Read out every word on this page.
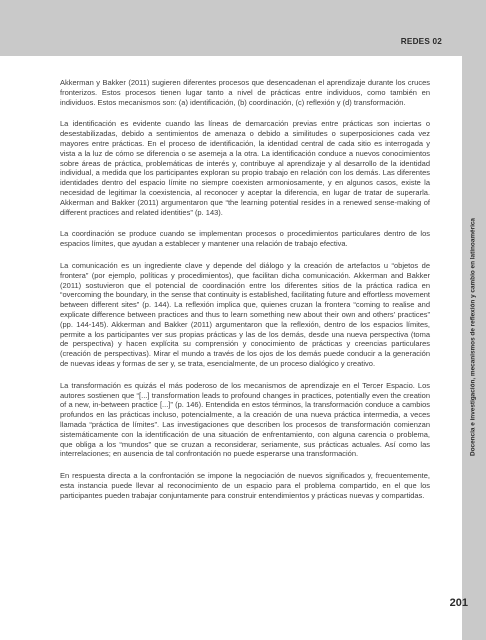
REDES 02
Docencia e investigación, mecanismos de reflexión y cambio en latinoamérica

Akkerman y Bakker (2011) sugieren diferentes procesos que desencadenan el aprendizaje durante los cruces fronterizos. Estos procesos tienen lugar tanto a nivel de prácticas entre individuos, como también en individuos. Estos mecanismos son: (a) identificación, (b) coordinación, (c) reflexión y (d) transformación.

La identificación es evidente cuando las líneas de demarcación previas entre prácticas son inciertas o desestabilizadas, debido a sentimientos de amenaza o debido a similitudes o superposiciones cada vez mayores entre prácticas. En el proceso de identificación, la identidad central de cada sitio es interrogada y vista a la luz de cómo se diferencia o se asemeja a la otra. La identificación conduce a nuevos conocimientos sobre áreas de práctica, problemáticas de interés y, contribuye al aprendizaje y al desarrollo de la identidad individual, a medida que los participantes exploran su propio trabajo en relación con los demás. Las diferentes identidades dentro del espacio límite no siempre coexisten armoniosamente, y en algunos casos, existe la necesidad de legitimar la coexistencia, al reconocer y aceptar la diferencia, en lugar de tratar de superarla. Akkerman and Bakker (2011) argumentaron que “the learning potential resides in a renewed sense-making of different practices and related identities” (p. 143).

La coordinación se produce cuando se implementan procesos o procedimientos particulares dentro de los espacios límites, que ayudan a establecer y mantener una relación de trabajo efectiva.

La comunicación es un ingrediente clave y depende del diálogo y la creación de artefactos u “objetos de frontera” (por ejemplo, políticas y procedimientos), que facilitan dicha comunicación. Akkerman and Bakker (2011) sostuvieron que el potencial de coordinación entre los diferentes sitios de la práctica radica en “overcoming the boundary, in the sense that continuity is established, facilitating future and effortless movement between different sites” (p. 144). La reflexión implica que, quienes cruzan la frontera “coming to realise and explicate difference between practices and thus to learn something new about their own and others’ practices” (pp. 144-145). Akkerman and Bakker (2011) argumentaron que la reflexión, dentro de los espacios límites, permite a los participantes ver sus propias prácticas y las de los demás, desde una nueva perspectiva (toma de perspectiva) y hacen explícita su comprensión y conocimiento de prácticas y creencias particulares (creación de perspectivas). Mirar el mundo a través de los ojos de los demás puede conducir a la generación de nuevas ideas y formas de ser y, se trata, esencialmente, de un proceso dialógico y creativo.

La transformación es quizás el más poderoso de los mecanismos de aprendizaje en el Tercer Espacio. Los autores sostienen que “[...] transformation leads to profound changes in practices, potentially even the creation of a new, in-between practice [...]” (p. 146). Entendida en estos términos, la transformación conduce a cambios profundos en las prácticas incluso, potencialmente, a la creación de una nueva práctica intermedia, a veces llamada “práctica de límites”. Las investigaciones que describen los procesos de transformación comienzan sistemáticamente con la identificación de una situación de enfrentamiento, con alguna carencia o problema, que obliga a los “mundos” que se cruzan a reconsiderar, seriamente, sus prácticas actuales. Así como las interrelaciones; en ausencia de tal confrontación no puede esperarse una transformación.

En respuesta directa a la confrontación se impone la negociación de nuevos significados y, frecuentemente, esta instancia puede llevar al reconocimiento de un espacio para el problema compartido, en el que los participantes pueden trabajar conjuntamente para construir entendimientos y prácticas nuevas y compartidas.

201
